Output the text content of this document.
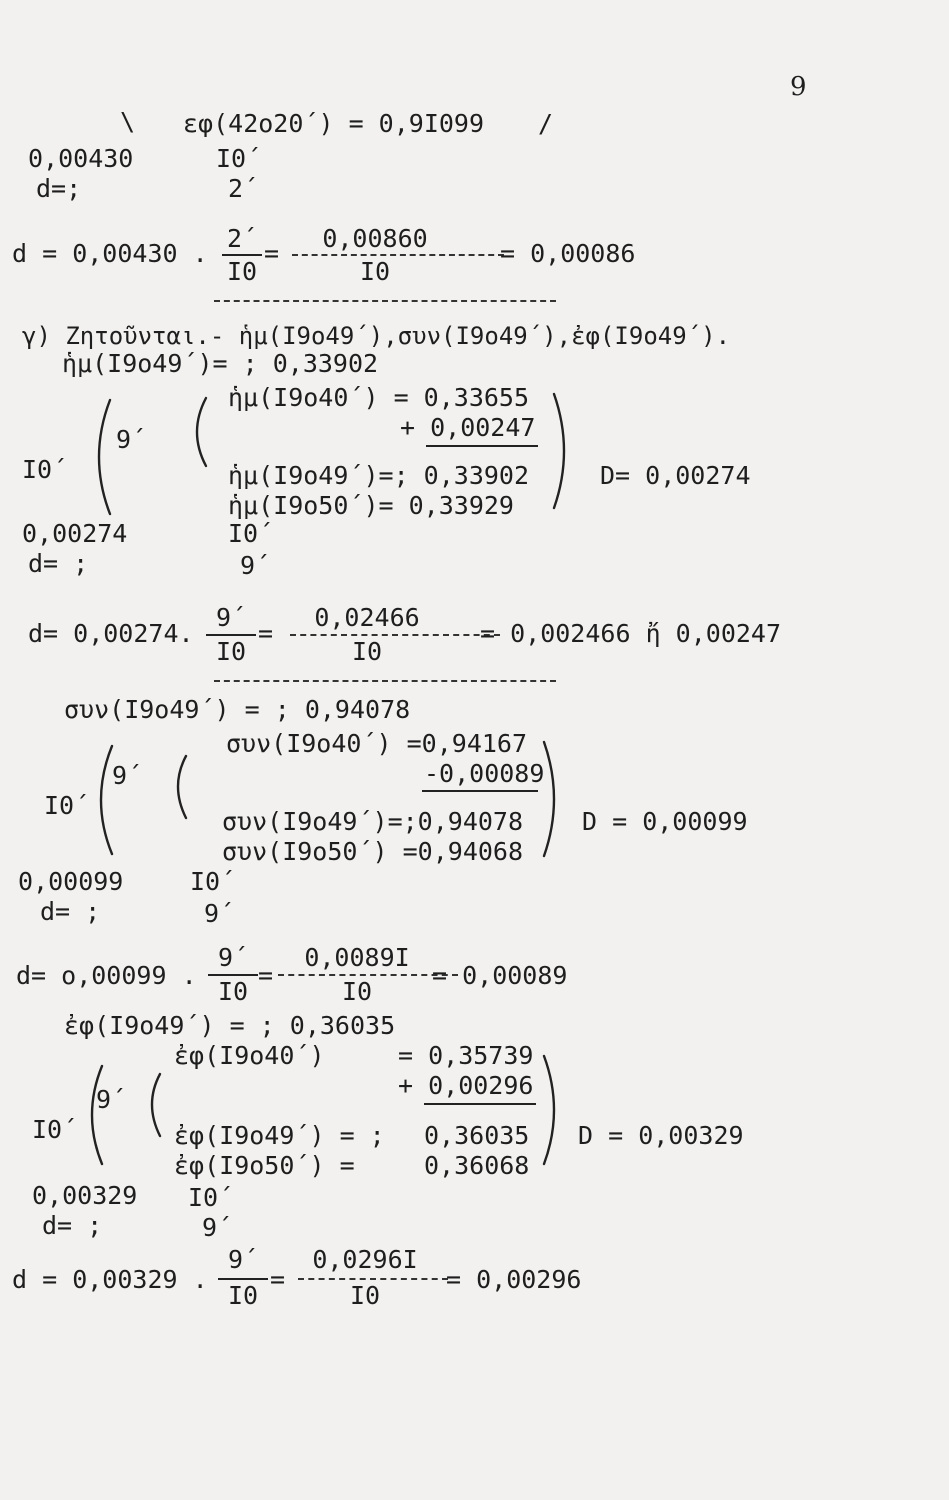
9
\ εφ(42ο20΄) = 0,9I099 /
0,00430	I0΄
d=;	2΄
d = 0,00430 .
2΄
I0
=
0,00860
I0
= 0,00086
γ) Ζητοῦνται.- ἡμ(I9ο49΄),συν(I9ο49΄),ἐφ(I9ο49΄).
ἡμ(I9ο49΄)= ; 0,33902
ἡμ(I9ο40΄) = 0,33655
+ 0,00247
ἡμ(I9ο49΄)=; 0,33902
ἡμ(I9ο50΄)= 0,33929
9΄
I0΄	D= 0,00274
0,00274	I0΄
d= ;	9΄
d= 0,00274.
9΄
I0
=
0,02466
I0
= 0,002466 ἤ 0,00247
συν(I9ο49΄) = ; 0,94078
συν(I9ο40΄) =0,94167
-0,00089
συν(I9ο49΄)=;0,94078
συν(I9ο50΄) =0,94068
9΄
I0΄
D = 0,00099
0,00099	I0΄
d= ;	9΄
d= ο,00099 .
9΄
I0
=
0,0089I
I0
= 0,00089
ἐφ(I9ο49΄) = ; 0,36035
ἐφ(I9ο40΄)	= 0,35739
+ 0,00296
ἐφ(I9ο49΄) = ; 0,36035
ἐφ(I9ο50΄) =	0,36068
9΄
I0΄	D = 0,00329
0,00329 I0΄
d= ;	9΄
d = 0,00329 .
9΄
I0
=
0,0296I
I0
= 0,00296
